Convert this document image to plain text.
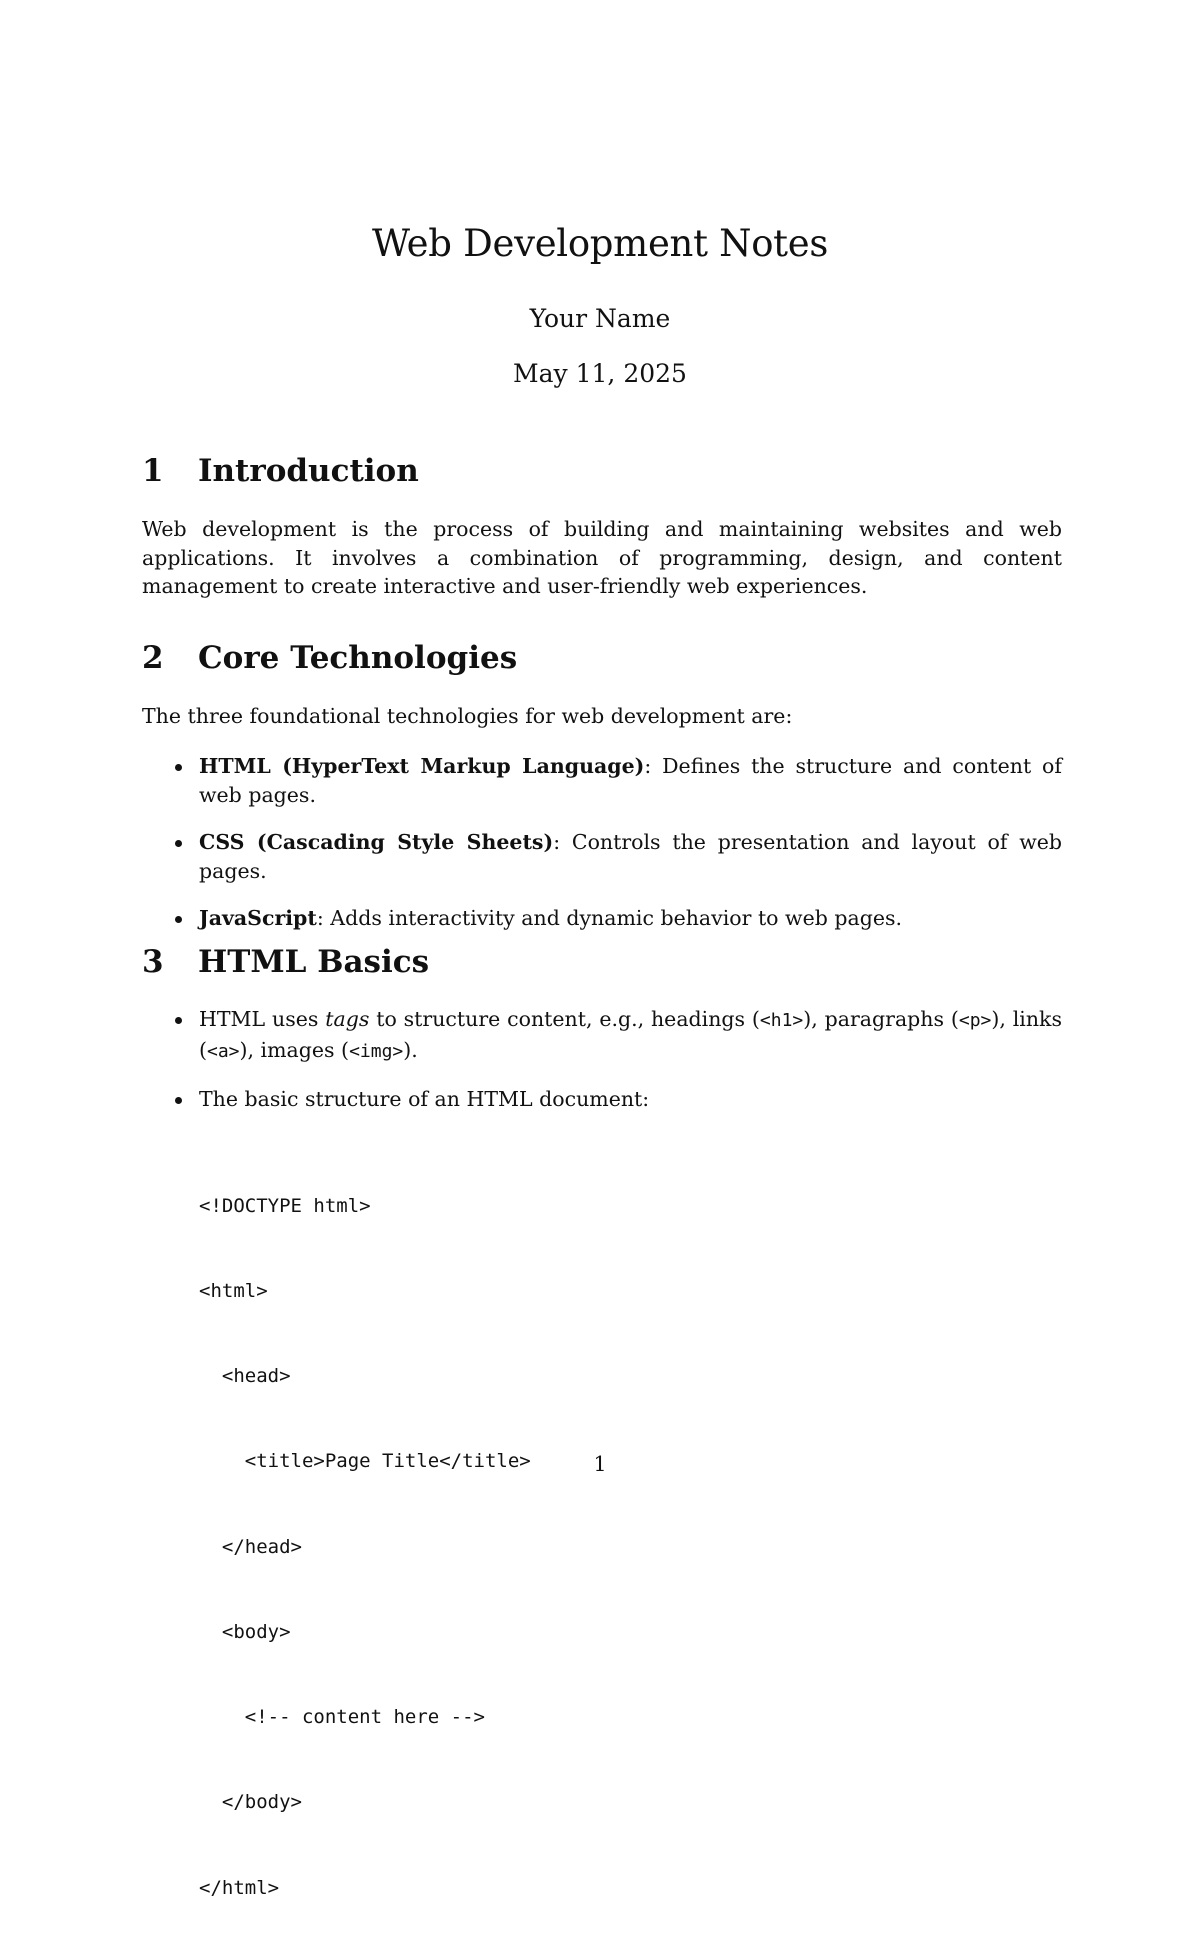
Web Development Notes
Your Name
May 11, 2025
1 Introduction

Web development is the process of building and maintaining websites and web applications. It involves a combination of programming, design, and content management to create interactive and user-friendly web experiences.

2 Core Technologies

The three foundational technologies for web development are:

HTML (HyperText Markup Language): Defines the structure and content of web pages.
CSS (Cascading Style Sheets): Controls the presentation and layout of web pages.
JavaScript: Adds interactivity and dynamic behavior to web pages.
3 HTML Basics
HTML uses tags to structure content, e.g., headings (<h1>), paragraphs (<p>), links (<a>), images (<img>).
The basic structure of an HTML document:

<!DOCTYPE html>

<html>

<head>

<title>Page Title</title>

</head>

<body>

<!-- content here -->

</body>

</html>

1
